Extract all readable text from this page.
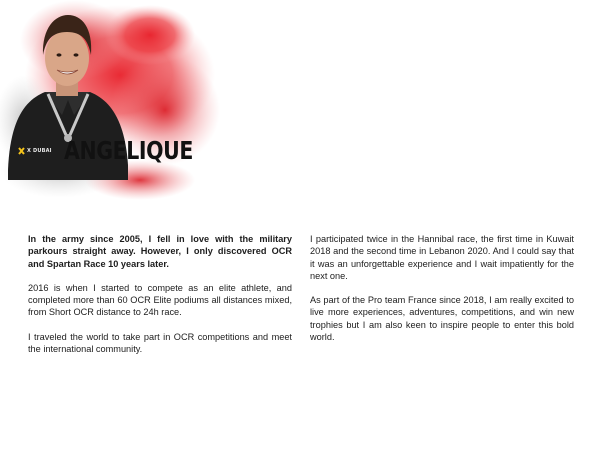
X DUBAI ANGELIQUE

In the army since 2005, I fell in love with the military parkours straight away. However, I only discovered OCR and Spartan Race 10 years later.

2016 is when I started to compete as an elite athlete, and completed more than 60 OCR Elite podiums all distances mixed, from Short OCR distance to 24h race.

I traveled the world to take part in OCR competitions and meet the international community.

I participated twice in the Hannibal race, the first time in Kuwait 2018 and the second time in Lebanon 2020. And I could say that it was an unforgettable experience and I wait impatiently for the next one.

As part of the Pro team France since 2018, I am really excited to live more experiences, adventures, competitions, and win new trophies but I am also keen to inspire people to enter this bold world.
